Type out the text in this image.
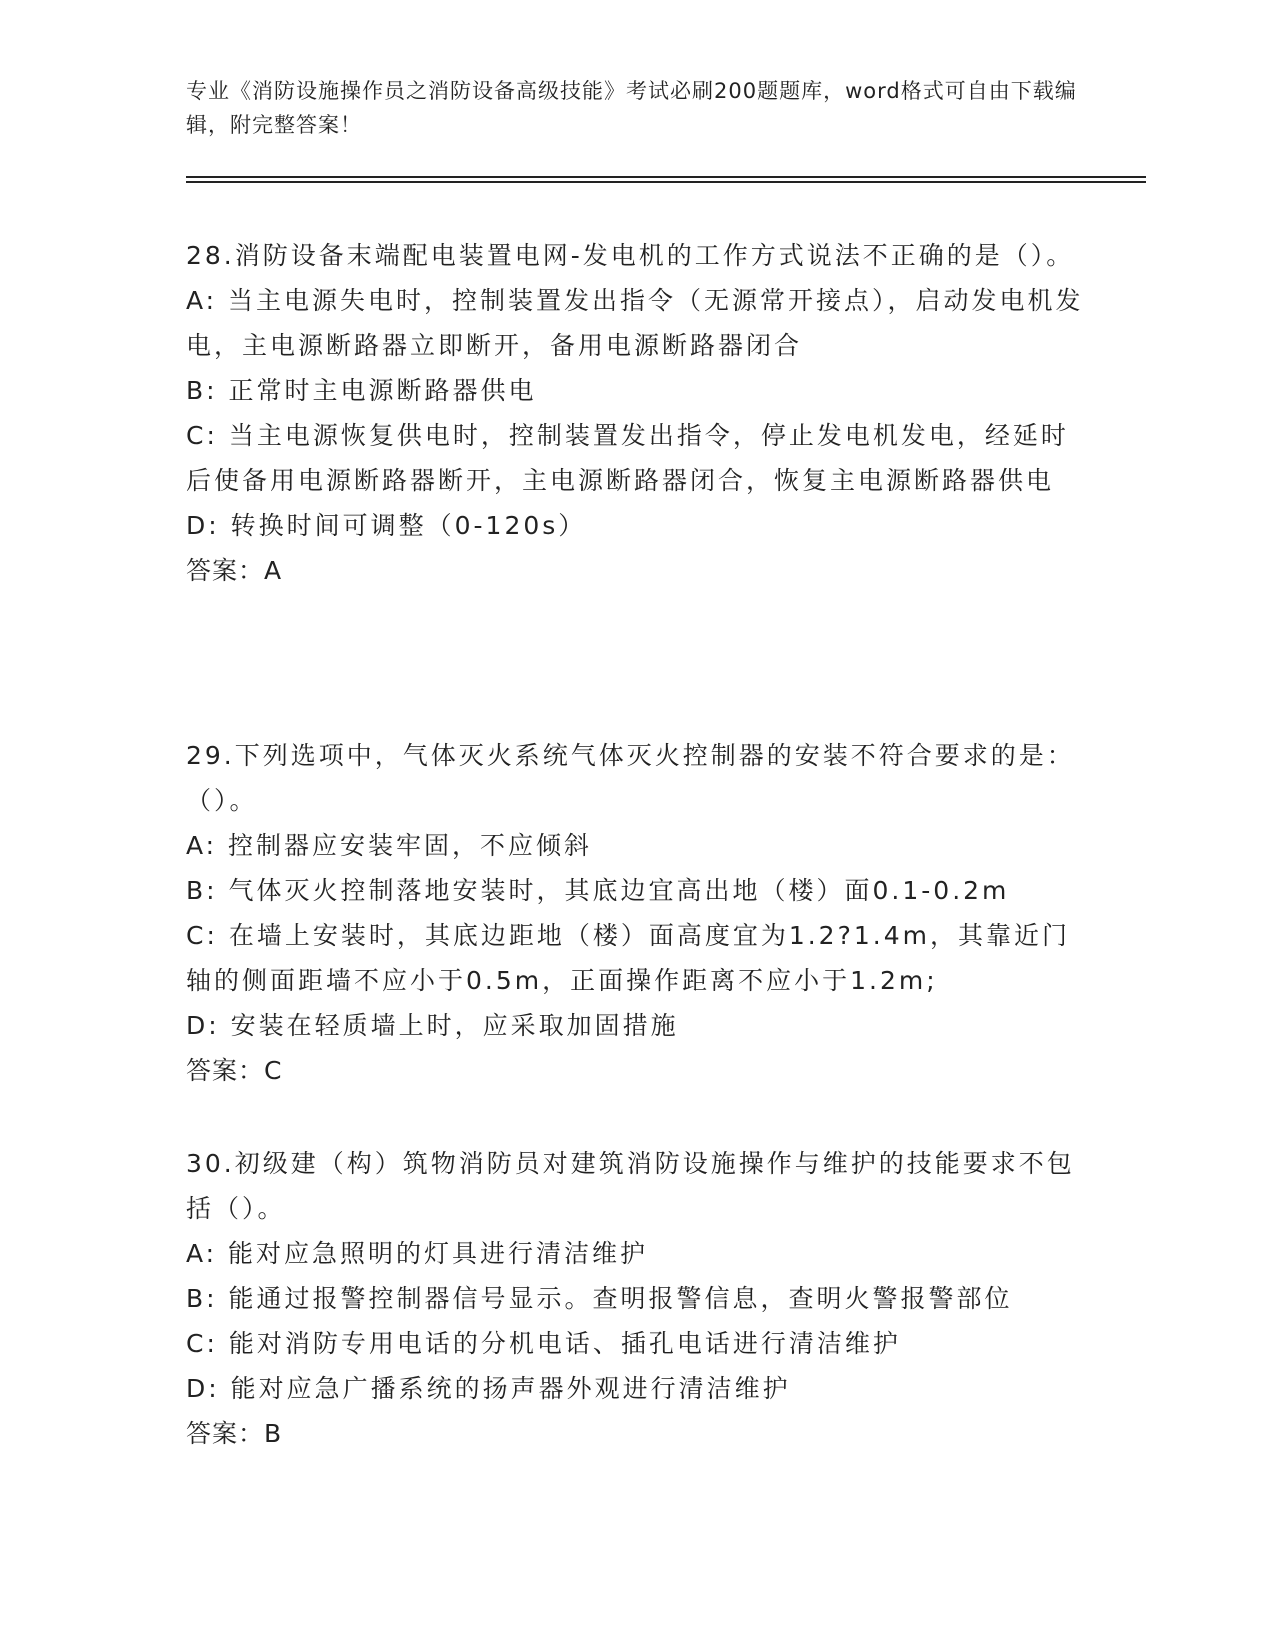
专业《消防设施操作员之消防设备高级技能》考试必刷200题题库，word格式可自由下载编辑，附完整答案！

28.消防设备末端配电装置电网-发电机的工作方式说法不正确的是（）。

A: 当主电源失电时，控制装置发出指令（无源常开接点），启动发电机发电，主电源断路器立即断开，备用电源断路器闭合

B: 正常时主电源断路器供电

C: 当主电源恢复供电时，控制装置发出指令，停止发电机发电，经延时后使备用电源断路器断开，主电源断路器闭合，恢复主电源断路器供电

D: 转换时间可调整（0-120s）

答案：A

29.下列选项中，气体灭火系统气体灭火控制器的安装不符合要求的是：（）。

A: 控制器应安装牢固，不应倾斜

B: 气体灭火控制落地安装时，其底边宜高出地（楼）面0.1-0.2m

C: 在墙上安装时，其底边距地（楼）面高度宜为1.2?1.4m，其靠近门轴的侧面距墙不应小于0.5m，正面操作距离不应小于1.2m;

D: 安装在轻质墙上时，应采取加固措施

答案：C

30.初级建（构）筑物消防员对建筑消防设施操作与维护的技能要求不包括（）。

A: 能对应急照明的灯具进行清洁维护

B: 能通过报警控制器信号显示。查明报警信息，查明火警报警部位

C: 能对消防专用电话的分机电话、插孔电话进行清洁维护

D: 能对应急广播系统的扬声器外观进行清洁维护

答案：B
